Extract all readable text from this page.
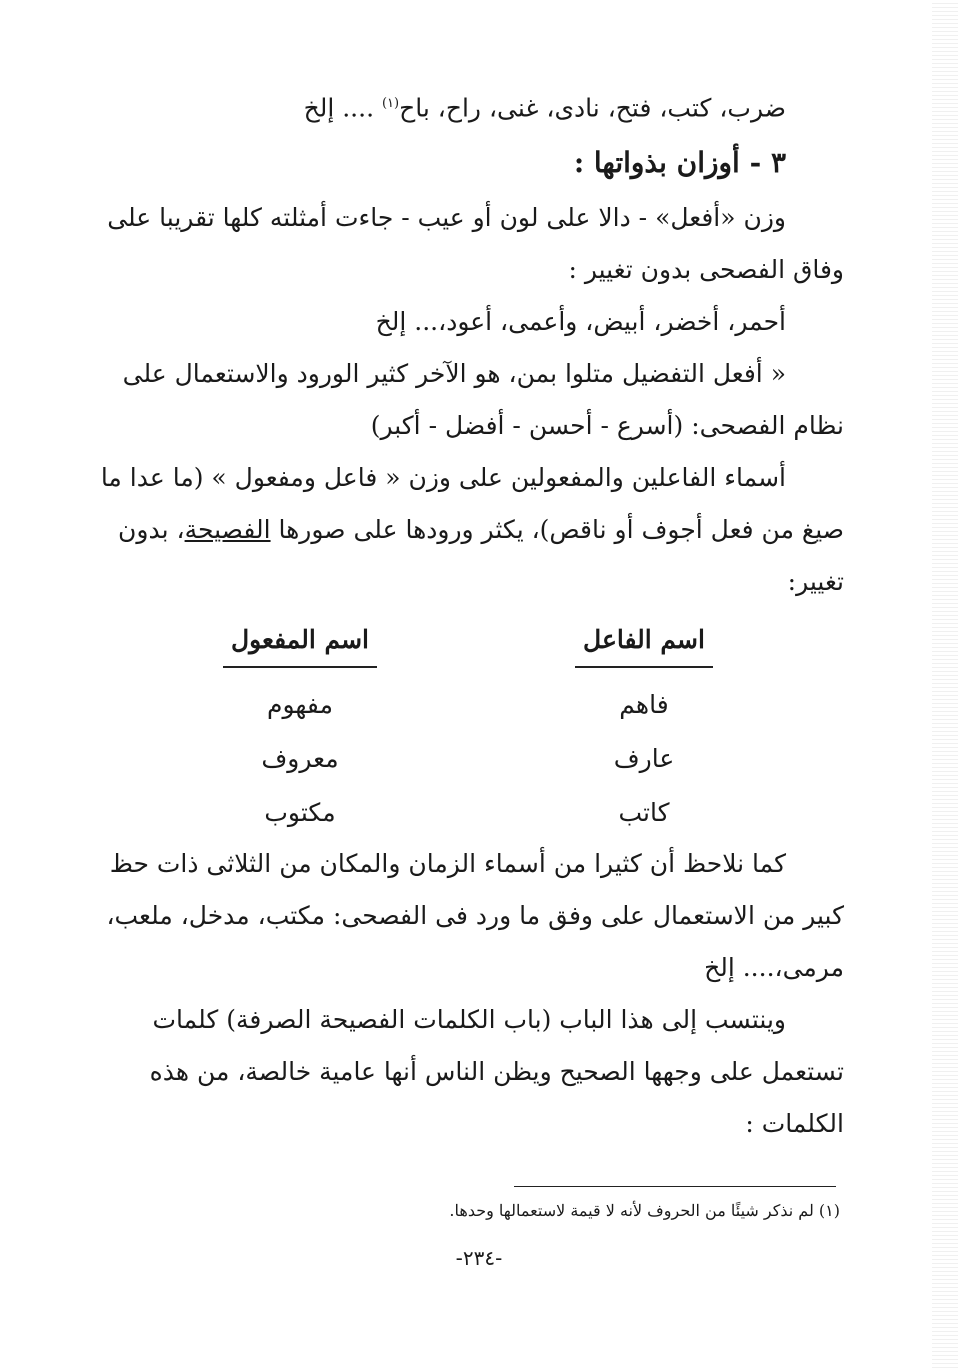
ضرب، كتب، فتح، نادى، غنى، راح، باح$^{(١)}$ .... إلخ
٣ - أوزان بذواتها :
وزن «أفعل» - دالا على لون أو عيب - جاءت أمثلته كلها تقريبا على
وفاق الفصحى بدون تغيير :
أحمر، أخضر، أبيض، وأعمى، أعود،... إلخ
« أفعل التفضيل متلوا بمن، هو الآخر كثير الورود والاستعمال على
نظام الفصحى: (أسرع - أحسن - أفضل - أكبر)
أسماء الفاعلين والمفعولين على وزن « فاعل ومفعول » (ما عدا ما
صيغ من فعل أجوف أو ناقص)، يكثر ورودها على صورها الفصيحة، بدون
تغيير:
اسم الفاعل
فاهم
عارف
كاتب
اسم المفعول
مفهوم
معروف
مكتوب
كما نلاحظ أن كثيرا من أسماء الزمان والمكان من الثلاثى ذات حظ
كبير من الاستعمال على وفق ما ورد فى الفصحى: مكتب، مدخل، ملعب،
مرمى،.... إلخ
وينتسب إلى هذا الباب (باب الكلمات الفصيحة الصرفة) كلمات
تستعمل على وجهها الصحيح ويظن الناس أنها عامية خالصة، من هذه
الكلمات :
(١) لم نذكر شيئًا من الحروف لأنه لا قيمة لاستعمالها وحدها.
-٢٣٤-
